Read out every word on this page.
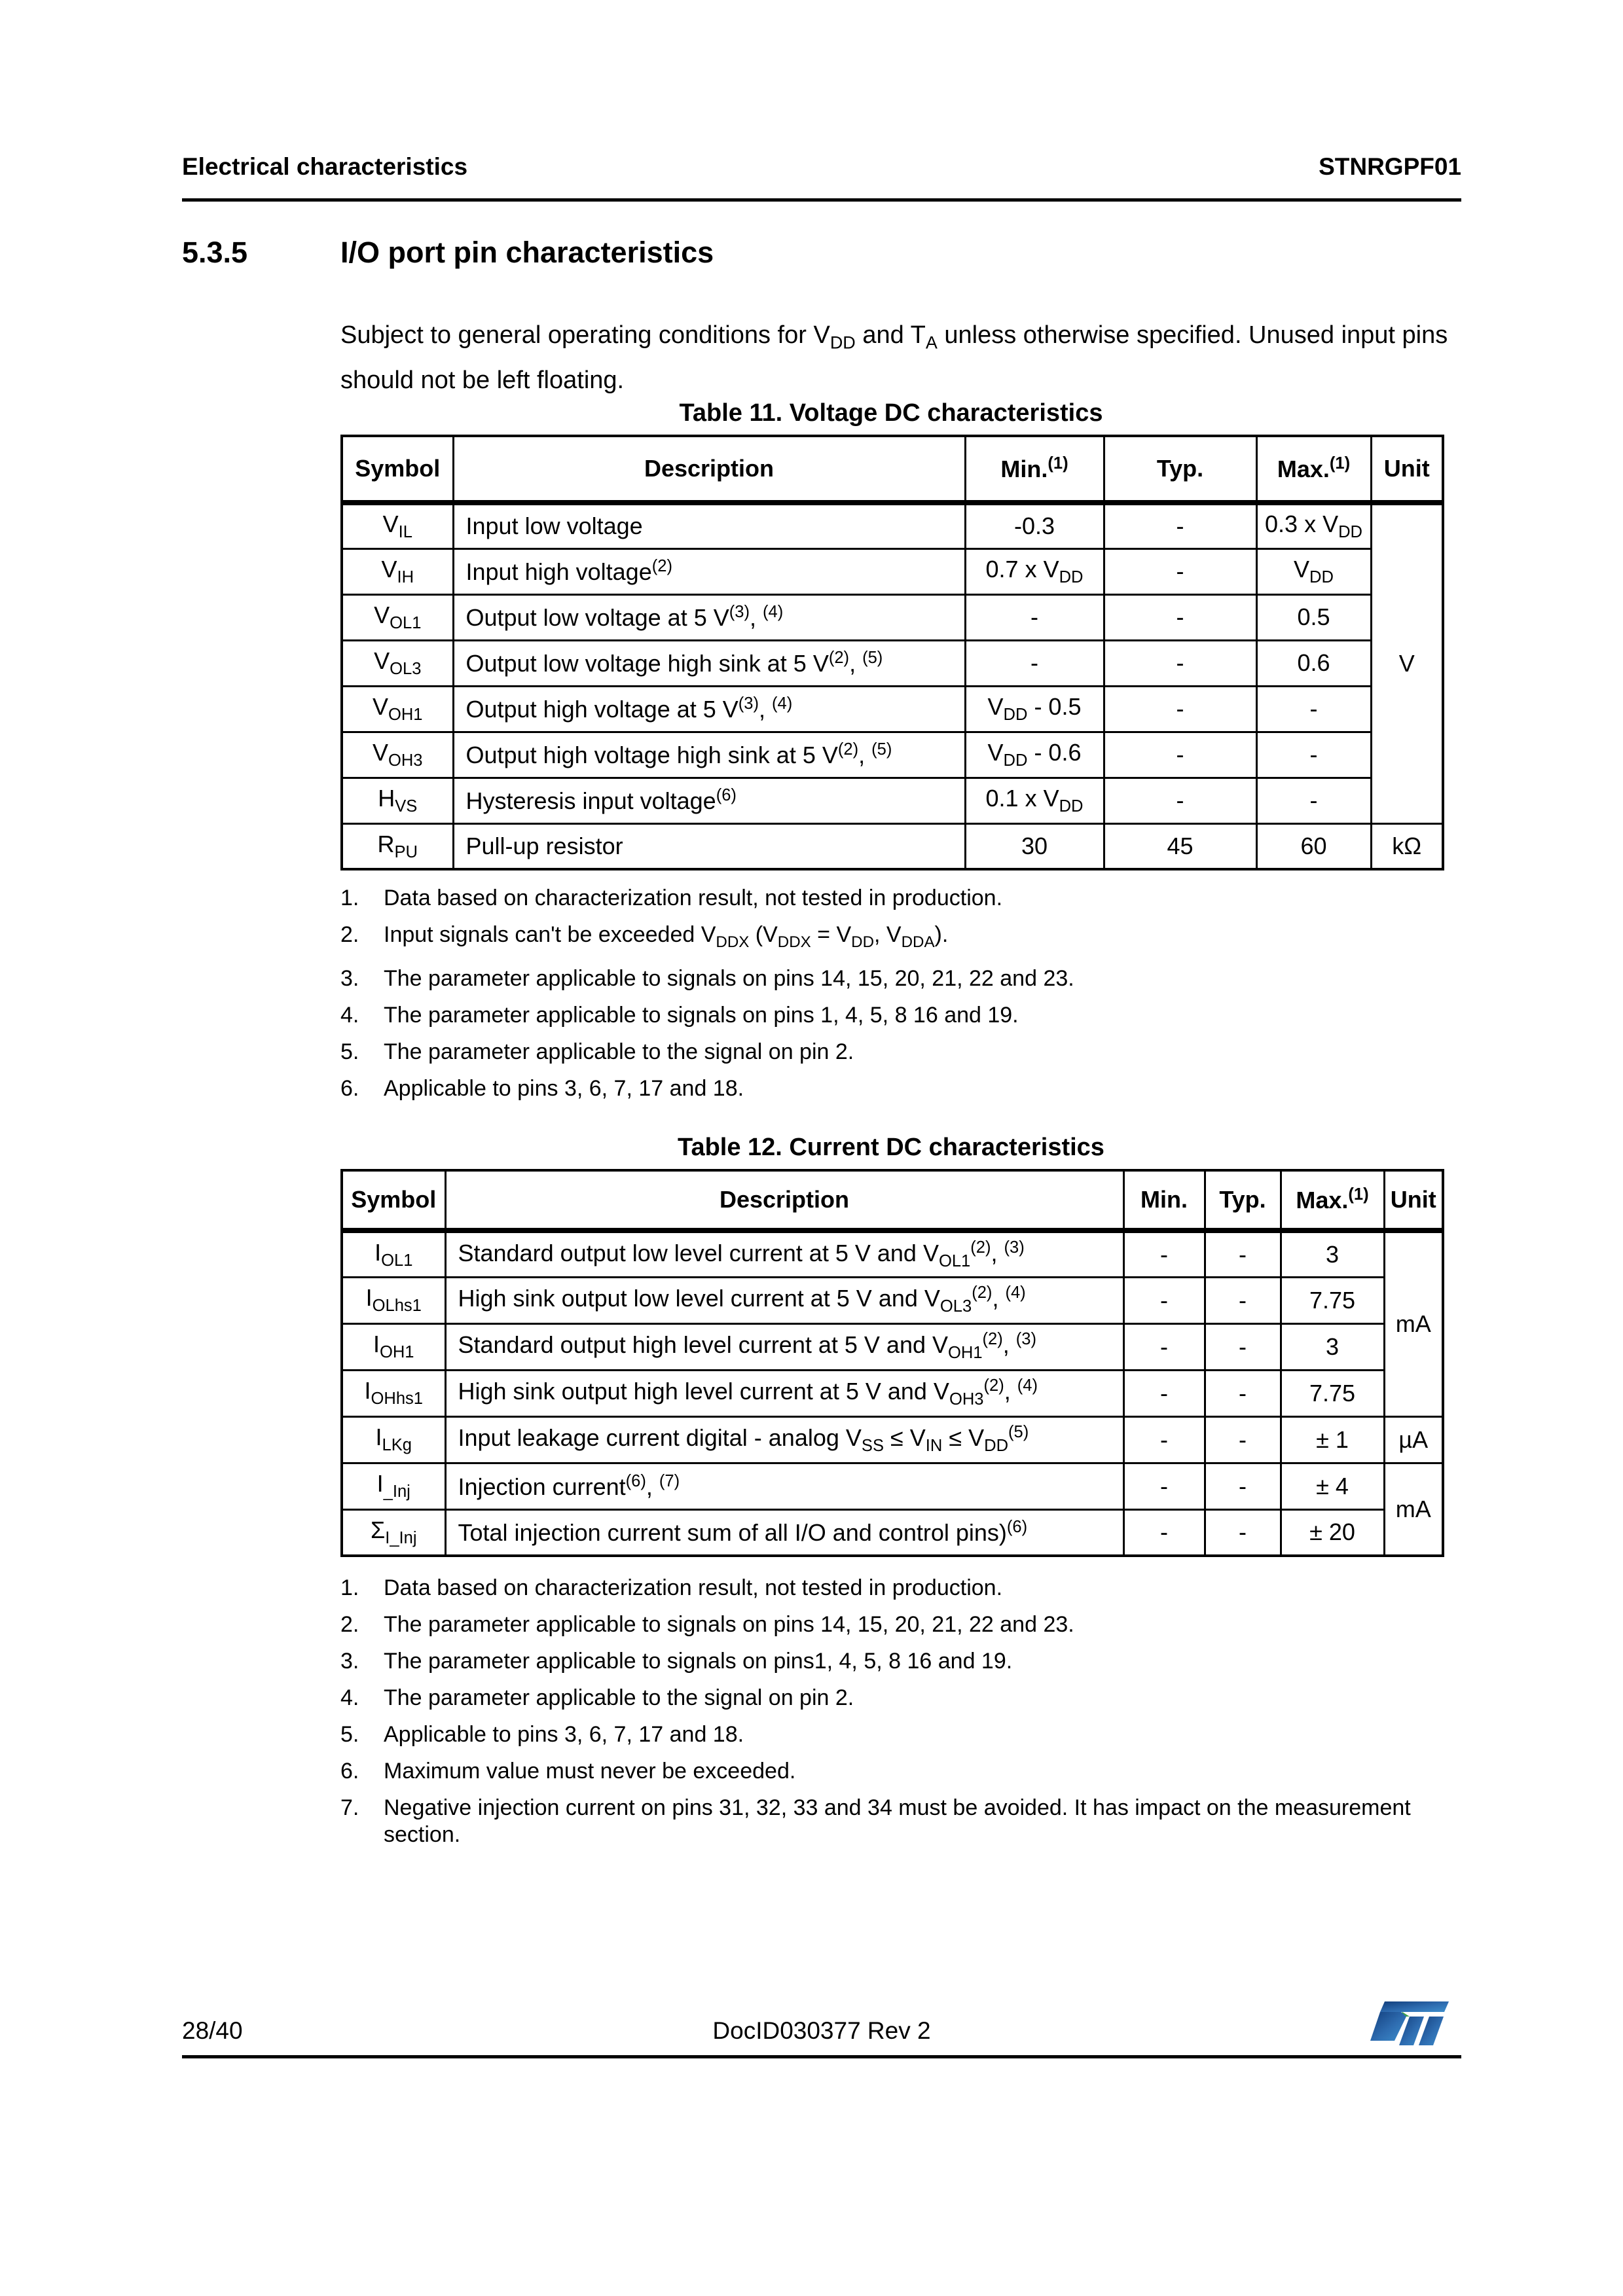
Electrical characteristics	STNRGPF01
5.3.5	I/O port pin characteristics

Subject to general operating conditions for $V_{DD}$ and $T_A$ unless otherwise specified. Unused input pins should not be left floating.

Table 11. Voltage DC characteristics
Symbol	Description	Min.$^{(1)}$	Typ.	Max.$^{(1)}$	Unit
$V_{IL}$	Input low voltage	-0.3	-	0.3 x $V_{DD}$	V
$V_{IH}$	Input high voltage$^{(2)}$	0.7 x $V_{DD}$	-	$V_{DD}$
$V_{OL1}$	Output low voltage at 5 $V^{(3)}$, $^{(4)}$	-	-	0.5	
$V_{OL3}$	Output low voltage high sink at 5 $V^{(2)}$, $^{(5)}$	-	-	0.6	
$V_{OH1}$	Output high voltage at 5 $V^{(3)}$, $^{(4)}$	$V_{DD} - 0.5$	-	-	
$V_{OH3}$	Output high voltage high sink at 5 $V^{(2)}$, $^{(5)}$	$V_{DD} - 0.6$	-	-	
$H_{VS}$	Hysteresis input voltage$^{(6)}$	0.1 x $V_{DD}$	-	-	
$R_{PU}$	Pull-up resistor	30	45	60	kΩ
1.	Data based on characterization result, not tested in production.
2.	Input signals can't be exceeded $V_{DDX}$ ($V_{DDX} = V_{DD}$, $V_{DDA}$).
3.	The parameter applicable to signals on pins 14, 15, 20, 21, 22 and 23.
4.	The parameter applicable to signals on pins 1, 4, 5, 8 16 and 19.
5.	The parameter applicable to the signal on pin 2.
6.	Applicable to pins 3, 6, 7, 17 and 18.
Table 12. Current DC characteristics
Symbol	Description	Min.	Typ.	Max.$^{(1)}$	Unit
$I_{OL1}$	Standard output low level current at 5 V and $V_{OL1}^{(2)}$, $^{(3)}$	-	-	3	mA
$I_{OLhs1}$	High sink output low level current at 5 V and $V_{OL3}^{(2)}$, $^{(4)}$	-	-	7.75	
$I_{OH1}$	Standard output high level current at 5 V and $V_{OH1}^{(2)}$, $^{(3)}$	-	-	3	
$I_{OHhs1}$	High sink output high level current at 5 V and $V_{OH3}^{(2)}$, $^{(4)}$	-	-	7.75	
$I_{LKg}$	Input leakage current digital - analog $V_{SS} \le V_{IN} \le V_{DD}^{(5)}$	-	-	± 1	µA
$I_{\_Inj}$	Injection current$^{(6)}$, $^{(7)}$	-	-	± 4	mA
$\Sigma_{I\_Inj}$	Total injection current sum of all I/O and control pins)$^{(6)}$	-	-	± 20	
1.	Data based on characterization result, not tested in production.
2.	The parameter applicable to signals on pins 14, 15, 20, 21, 22 and 23.
3.	The parameter applicable to signals on pins1, 4, 5, 8 16 and 19.
4.	The parameter applicable to the signal on pin 2.
5.	Applicable to pins 3, 6, 7, 17 and 18.
6.	Maximum value must never be exceeded.
7.	Negative injection current on pins 31, 32, 33 and 34 must be avoided. It has impact on the measurement section.
28/40	DocID030377 Rev 2
